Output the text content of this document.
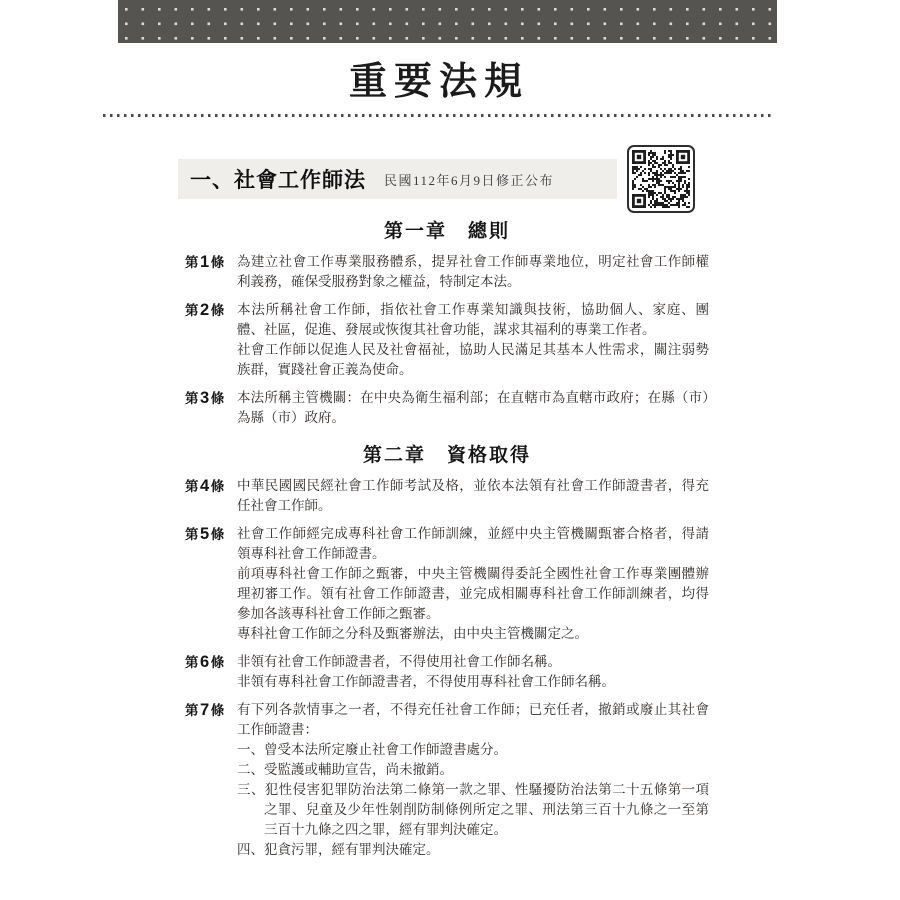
重要法規
一、社會工作師法 民國112年6月9日修正公布
第一章　總則
第1條 為建立社會工作專業服務體系，提昇社會工作師專業地位，明定社會工作師權利義務，確保受服務對象之權益，特制定本法。

第2條 本法所稱社會工作師，指依社會工作專業知識與技術，協助個人、家庭、團體、社區，促進、發展或恢復其社會功能，謀求其福利的專業工作者。

社會工作師以促進人民及社會福祉，協助人民滿足其基本人性需求，關注弱勢族群，實踐社會正義為使命。

第3條 本法所稱主管機關：在中央為衛生福利部；在直轄市為直轄市政府；在縣（市）為縣（市）政府。

第二章　資格取得
第4條 中華民國國民經社會工作師考試及格，並依本法領有社會工作師證書者，得充任社會工作師。

第5條 社會工作師經完成專科社會工作師訓練，並經中央主管機關甄審合格者，得請領專科社會工作師證書。

前項專科社會工作師之甄審，中央主管機關得委託全國性社會工作專業團體辦理初審工作。領有社會工作師證書，並完成相關專科社會工作師訓練者，均得參加各該專科社會工作師之甄審。

專科社會工作師之分科及甄審辦法，由中央主管機關定之。

第6條 非領有社會工作師證書者，不得使用社會工作師名稱。

非領有專科社會工作師證書者，不得使用專科社會工作師名稱。

第7條 有下列各款情事之一者，不得充任社會工作師；已充任者，撤銷或廢止其社會工作師證書：

一、曾受本法所定廢止社會工作師證書處分。

二、受監護或輔助宣告，尚未撤銷。

三、犯性侵害犯罪防治法第二條第一款之罪、性騷擾防治法第二十五條第一項之罪、兒童及少年性剝削防制條例所定之罪、刑法第三百十九條之一至第三百十九條之四之罪，經有罪判決確定。

四、犯貪污罪，經有罪判決確定。
